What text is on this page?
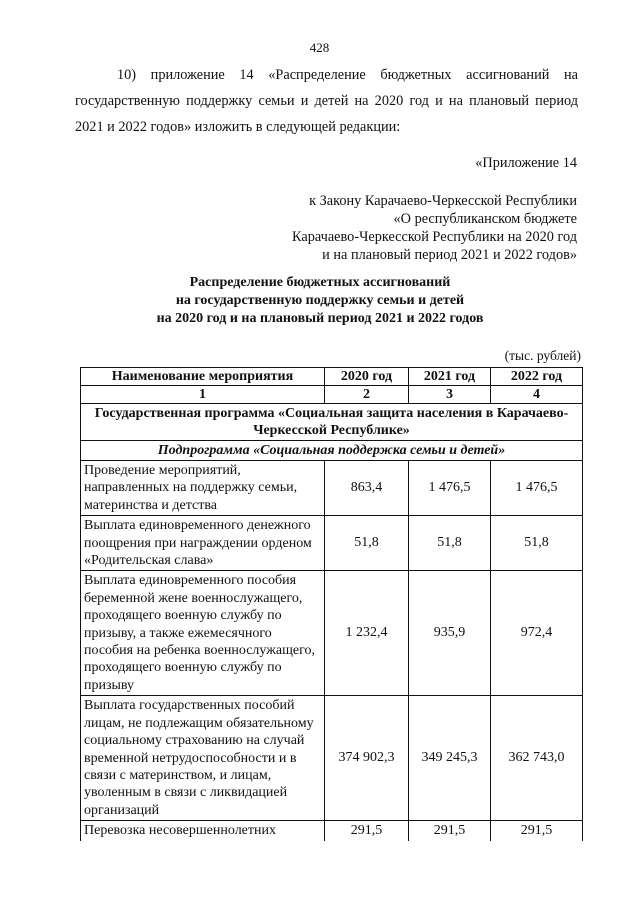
428

10) приложение 14 «Распределение бюджетных ассигнований на государственную поддержку семьи и детей на 2020 год и на плановый период 2021 и 2022 годов» изложить в следующей редакции:

«Приложение 14
к Закону Карачаево-Черкесской Республики
«О республиканском бюджете
Карачаево-Черкесской Республики на 2020 год
и на плановый период 2021 и 2022 годов»
Распределение бюджетных ассигнований
на государственную поддержку семьи и детей
на 2020 год и на плановый период 2021 и 2022 годов
(тыс. рублей)
Наименование мероприятия	2020 год	2021 год	2022 год
1	2	3	4
Государственная программа «Социальная защита населения в Карачаево-Черкесской Республике»			
Подпрограмма «Социальная поддержка семьи и детей»			
Проведение мероприятий, направленных на поддержку семьи, материнства и детства	863,4	1 476,5	1 476,5
Выплата единовременного денежного поощрения при награждении орденом «Родительская слава»	51,8	51,8	51,8
Выплата единовременного пособия беременной жене военнослужащего, проходящего военную службу по призыву, а также ежемесячного пособия на ребенка военнослужащего, проходящего военную службу по призыву	1 232,4	935,9	972,4
Выплата государственных пособий лицам, не подлежащим обязательному социальному страхованию на случай временной нетрудоспособности и в связи с материнством, и лицам, уволенным в связи с ликвидацией организаций	374 902,3	349 245,3	362 743,0
Перевозка несовершеннолетних	291,5	291,5	291,5
